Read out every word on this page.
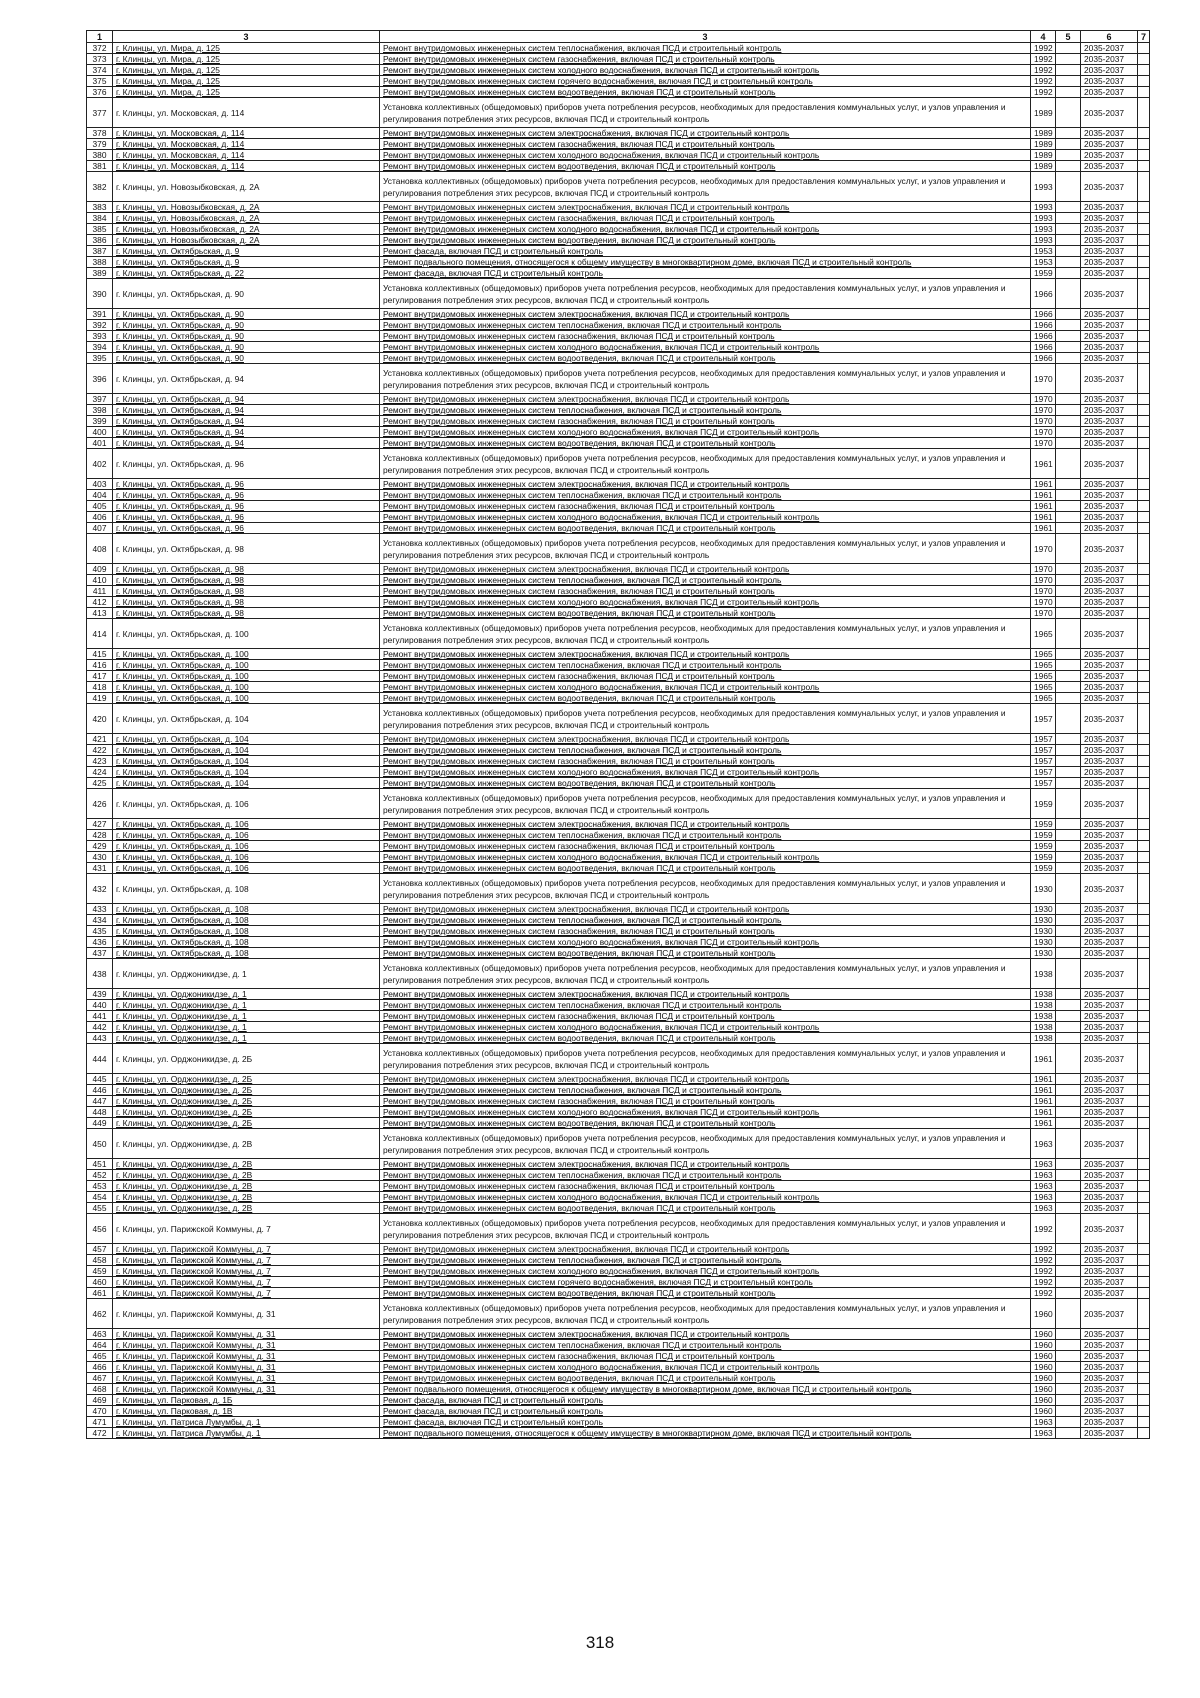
1	3	3	4	5	6	7
372	г. Клинцы, ул. Мира, д. 125	Ремонт внутридомовых инженерных систем теплоснабжения, включая ПСД и строительный контроль	1992		2035-2037	
373	г. Клинцы, ул. Мира, д. 125	Ремонт внутридомовых инженерных систем газоснабжения, включая ПСД и строительный контроль	1992		2035-2037	
374	г. Клинцы, ул. Мира, д. 125	Ремонт внутридомовых инженерных систем холодного водоснабжения, включая ПСД и строительный контроль	1992		2035-2037	
375	г. Клинцы, ул. Мира, д. 125	Ремонт внутридомовых инженерных систем горячего водоснабжения, включая ПСД и строительный контроль	1992		2035-2037	
376	г. Клинцы, ул. Мира, д. 125	Ремонт внутридомовых инженерных систем водоотведения, включая ПСД и строительный контроль	1992		2035-2037	
377	г. Клинцы, ул. Московская, д. 114	Установка коллективных (общедомовых) приборов учета потребления ресурсов, необходимых для предоставления коммунальных услуг, и узлов управления и регулирования потребления этих ресурсов, включая ПСД и строительный контроль	1989		2035-2037	
378	г. Клинцы, ул. Московская, д. 114	Ремонт внутридомовых инженерных систем электроснабжения, включая ПСД и строительный контроль	1989		2035-2037	
379	г. Клинцы, ул. Московская, д. 114	Ремонт внутридомовых инженерных систем газоснабжения, включая ПСД и строительный контроль	1989		2035-2037	
380	г. Клинцы, ул. Московская, д. 114	Ремонт внутридомовых инженерных систем холодного водоснабжения, включая ПСД и строительный контроль	1989		2035-2037	
381	г. Клинцы, ул. Московская, д. 114	Ремонт внутридомовых инженерных систем водоотведения, включая ПСД и строительный контроль	1989		2035-2037	
382	г. Клинцы, ул. Новозыбковская, д. 2А	Установка коллективных (общедомовых) приборов учета потребления ресурсов, необходимых для предоставления коммунальных услуг, и узлов управления и регулирования потребления этих ресурсов, включая ПСД и строительный контроль	1993		2035-2037	
383	г. Клинцы, ул. Новозыбковская, д. 2А	Ремонт внутридомовых инженерных систем электроснабжения, включая ПСД и строительный контроль	1993		2035-2037	
384	г. Клинцы, ул. Новозыбковская, д. 2А	Ремонт внутридомовых инженерных систем газоснабжения, включая ПСД и строительный контроль	1993		2035-2037	
385	г. Клинцы, ул. Новозыбковская, д. 2А	Ремонт внутридомовых инженерных систем холодного водоснабжения, включая ПСД и строительный контроль	1993		2035-2037	
386	г. Клинцы, ул. Новозыбковская, д. 2А	Ремонт внутридомовых инженерных систем водоотведения, включая ПСД и строительный контроль	1993		2035-2037	
387	г. Клинцы, ул. Октябрьская, д. 9	Ремонт фасада, включая ПСД и строительный контроль	1953		2035-2037	
388	г. Клинцы, ул. Октябрьская, д. 9	Ремонт подвального помещения, относящегося к общему имуществу в многоквартирном доме, включая ПСД и строительный контроль	1953		2035-2037	
389	г. Клинцы, ул. Октябрьская, д. 22	Ремонт фасада, включая ПСД и строительный контроль	1959		2035-2037	
390	г. Клинцы, ул. Октябрьская, д. 90	Установка коллективных (общедомовых) приборов учета потребления ресурсов, необходимых для предоставления коммунальных услуг, и узлов управления и регулирования потребления этих ресурсов, включая ПСД и строительный контроль	1966		2035-2037	
391	г. Клинцы, ул. Октябрьская, д. 90	Ремонт внутридомовых инженерных систем электроснабжения, включая ПСД и строительный контроль	1966		2035-2037	
392	г. Клинцы, ул. Октябрьская, д. 90	Ремонт внутридомовых инженерных систем теплоснабжения, включая ПСД и строительный контроль	1966		2035-2037	
393	г. Клинцы, ул. Октябрьская, д. 90	Ремонт внутридомовых инженерных систем газоснабжения, включая ПСД и строительный контроль	1966		2035-2037	
394	г. Клинцы, ул. Октябрьская, д. 90	Ремонт внутридомовых инженерных систем холодного водоснабжения, включая ПСД и строительный контроль	1966		2035-2037	
395	г. Клинцы, ул. Октябрьская, д. 90	Ремонт внутридомовых инженерных систем водоотведения, включая ПСД и строительный контроль	1966		2035-2037	
396	г. Клинцы, ул. Октябрьская, д. 94	Установка коллективных (общедомовых) приборов учета потребления ресурсов, необходимых для предоставления коммунальных услуг, и узлов управления и регулирования потребления этих ресурсов, включая ПСД и строительный контроль	1970		2035-2037	
397	г. Клинцы, ул. Октябрьская, д. 94	Ремонт внутридомовых инженерных систем электроснабжения, включая ПСД и строительный контроль	1970		2035-2037	
398	г. Клинцы, ул. Октябрьская, д. 94	Ремонт внутридомовых инженерных систем теплоснабжения, включая ПСД и строительный контроль	1970		2035-2037	
399	г. Клинцы, ул. Октябрьская, д. 94	Ремонт внутридомовых инженерных систем газоснабжения, включая ПСД и строительный контроль	1970		2035-2037	
400	г. Клинцы, ул. Октябрьская, д. 94	Ремонт внутридомовых инженерных систем холодного водоснабжения, включая ПСД и строительный контроль	1970		2035-2037	
401	г. Клинцы, ул. Октябрьская, д. 94	Ремонт внутридомовых инженерных систем водоотведения, включая ПСД и строительный контроль	1970		2035-2037	
402	г. Клинцы, ул. Октябрьская, д. 96	Установка коллективных (общедомовых) приборов учета потребления ресурсов, необходимых для предоставления коммунальных услуг, и узлов управления и регулирования потребления этих ресурсов, включая ПСД и строительный контроль	1961		2035-2037	
403	г. Клинцы, ул. Октябрьская, д. 96	Ремонт внутридомовых инженерных систем электроснабжения, включая ПСД и строительный контроль	1961		2035-2037	
404	г. Клинцы, ул. Октябрьская, д. 96	Ремонт внутридомовых инженерных систем теплоснабжения, включая ПСД и строительный контроль	1961		2035-2037	
405	г. Клинцы, ул. Октябрьская, д. 96	Ремонт внутридомовых инженерных систем газоснабжения, включая ПСД и строительный контроль	1961		2035-2037	
406	г. Клинцы, ул. Октябрьская, д. 96	Ремонт внутридомовых инженерных систем холодного водоснабжения, включая ПСД и строительный контроль	1961		2035-2037	
407	г. Клинцы, ул. Октябрьская, д. 96	Ремонт внутридомовых инженерных систем водоотведения, включая ПСД и строительный контроль	1961		2035-2037	
408	г. Клинцы, ул. Октябрьская, д. 98	Установка коллективных (общедомовых) приборов учета потребления ресурсов, необходимых для предоставления коммунальных услуг, и узлов управления и регулирования потребления этих ресурсов, включая ПСД и строительный контроль	1970		2035-2037	
409	г. Клинцы, ул. Октябрьская, д. 98	Ремонт внутридомовых инженерных систем электроснабжения, включая ПСД и строительный контроль	1970		2035-2037	
410	г. Клинцы, ул. Октябрьская, д. 98	Ремонт внутридомовых инженерных систем теплоснабжения, включая ПСД и строительный контроль	1970		2035-2037	
411	г. Клинцы, ул. Октябрьская, д. 98	Ремонт внутридомовых инженерных систем газоснабжения, включая ПСД и строительный контроль	1970		2035-2037	
412	г. Клинцы, ул. Октябрьская, д. 98	Ремонт внутридомовых инженерных систем холодного водоснабжения, включая ПСД и строительный контроль	1970		2035-2037	
413	г. Клинцы, ул. Октябрьская, д. 98	Ремонт внутридомовых инженерных систем водоотведения, включая ПСД и строительный контроль	1970		2035-2037	
414	г. Клинцы, ул. Октябрьская, д. 100	Установка коллективных (общедомовых) приборов учета потребления ресурсов, необходимых для предоставления коммунальных услуг, и узлов управления и регулирования потребления этих ресурсов, включая ПСД и строительный контроль	1965		2035-2037	
415	г. Клинцы, ул. Октябрьская, д. 100	Ремонт внутридомовых инженерных систем электроснабжения, включая ПСД и строительный контроль	1965		2035-2037	
416	г. Клинцы, ул. Октябрьская, д. 100	Ремонт внутридомовых инженерных систем теплоснабжения, включая ПСД и строительный контроль	1965		2035-2037	
417	г. Клинцы, ул. Октябрьская, д. 100	Ремонт внутридомовых инженерных систем газоснабжения, включая ПСД и строительный контроль	1965		2035-2037	
418	г. Клинцы, ул. Октябрьская, д. 100	Ремонт внутридомовых инженерных систем холодного водоснабжения, включая ПСД и строительный контроль	1965		2035-2037	
419	г. Клинцы, ул. Октябрьская, д. 100	Ремонт внутридомовых инженерных систем водоотведения, включая ПСД и строительный контроль	1965		2035-2037	
420	г. Клинцы, ул. Октябрьская, д. 104	Установка коллективных (общедомовых) приборов учета потребления ресурсов, необходимых для предоставления коммунальных услуг, и узлов управления и регулирования потребления этих ресурсов, включая ПСД и строительный контроль	1957		2035-2037	
421	г. Клинцы, ул. Октябрьская, д. 104	Ремонт внутридомовых инженерных систем электроснабжения, включая ПСД и строительный контроль	1957		2035-2037	
422	г. Клинцы, ул. Октябрьская, д. 104	Ремонт внутридомовых инженерных систем теплоснабжения, включая ПСД и строительный контроль	1957		2035-2037	
423	г. Клинцы, ул. Октябрьская, д. 104	Ремонт внутридомовых инженерных систем газоснабжения, включая ПСД и строительный контроль	1957		2035-2037	
424	г. Клинцы, ул. Октябрьская, д. 104	Ремонт внутридомовых инженерных систем холодного водоснабжения, включая ПСД и строительный контроль	1957		2035-2037	
425	г. Клинцы, ул. Октябрьская, д. 104	Ремонт внутридомовых инженерных систем водоотведения, включая ПСД и строительный контроль	1957		2035-2037	
426	г. Клинцы, ул. Октябрьская, д. 106	Установка коллективных (общедомовых) приборов учета потребления ресурсов, необходимых для предоставления коммунальных услуг, и узлов управления и регулирования потребления этих ресурсов, включая ПСД и строительный контроль	1959		2035-2037	
427	г. Клинцы, ул. Октябрьская, д. 106	Ремонт внутридомовых инженерных систем электроснабжения, включая ПСД и строительный контроль	1959		2035-2037	
428	г. Клинцы, ул. Октябрьская, д. 106	Ремонт внутридомовых инженерных систем теплоснабжения, включая ПСД и строительный контроль	1959		2035-2037	
429	г. Клинцы, ул. Октябрьская, д. 106	Ремонт внутридомовых инженерных систем газоснабжения, включая ПСД и строительный контроль	1959		2035-2037	
430	г. Клинцы, ул. Октябрьская, д. 106	Ремонт внутридомовых инженерных систем холодного водоснабжения, включая ПСД и строительный контроль	1959		2035-2037	
431	г. Клинцы, ул. Октябрьская, д. 106	Ремонт внутридомовых инженерных систем водоотведения, включая ПСД и строительный контроль	1959		2035-2037	
432	г. Клинцы, ул. Октябрьская, д. 108	Установка коллективных (общедомовых) приборов учета потребления ресурсов, необходимых для предоставления коммунальных услуг, и узлов управления и регулирования потребления этих ресурсов, включая ПСД и строительный контроль	1930		2035-2037	
433	г. Клинцы, ул. Октябрьская, д. 108	Ремонт внутридомовых инженерных систем электроснабжения, включая ПСД и строительный контроль	1930		2035-2037	
434	г. Клинцы, ул. Октябрьская, д. 108	Ремонт внутридомовых инженерных систем теплоснабжения, включая ПСД и строительный контроль	1930		2035-2037	
435	г. Клинцы, ул. Октябрьская, д. 108	Ремонт внутридомовых инженерных систем газоснабжения, включая ПСД и строительный контроль	1930		2035-2037	
436	г. Клинцы, ул. Октябрьская, д. 108	Ремонт внутридомовых инженерных систем холодного водоснабжения, включая ПСД и строительный контроль	1930		2035-2037	
437	г. Клинцы, ул. Октябрьская, д. 108	Ремонт внутридомовых инженерных систем водоотведения, включая ПСД и строительный контроль	1930		2035-2037	
438	г. Клинцы, ул. Орджоникидзе, д. 1	Установка коллективных (общедомовых) приборов учета потребления ресурсов, необходимых для предоставления коммунальных услуг, и узлов управления и регулирования потребления этих ресурсов, включая ПСД и строительный контроль	1938		2035-2037	
439	г. Клинцы, ул. Орджоникидзе, д. 1	Ремонт внутридомовых инженерных систем электроснабжения, включая ПСД и строительный контроль	1938		2035-2037	
440	г. Клинцы, ул. Орджоникидзе, д. 1	Ремонт внутридомовых инженерных систем теплоснабжения, включая ПСД и строительный контроль	1938		2035-2037	
441	г. Клинцы, ул. Орджоникидзе, д. 1	Ремонт внутридомовых инженерных систем газоснабжения, включая ПСД и строительный контроль	1938		2035-2037	
442	г. Клинцы, ул. Орджоникидзе, д. 1	Ремонт внутридомовых инженерных систем холодного водоснабжения, включая ПСД и строительный контроль	1938		2035-2037	
443	г. Клинцы, ул. Орджоникидзе, д. 1	Ремонт внутридомовых инженерных систем водоотведения, включая ПСД и строительный контроль	1938		2035-2037	
444	г. Клинцы, ул. Орджоникидзе, д. 2Б	Установка коллективных (общедомовых) приборов учета потребления ресурсов, необходимых для предоставления коммунальных услуг, и узлов управления и регулирования потребления этих ресурсов, включая ПСД и строительный контроль	1961		2035-2037	
445	г. Клинцы, ул. Орджоникидзе, д. 2Б	Ремонт внутридомовых инженерных систем электроснабжения, включая ПСД и строительный контроль	1961		2035-2037	
446	г. Клинцы, ул. Орджоникидзе, д. 2Б	Ремонт внутридомовых инженерных систем теплоснабжения, включая ПСД и строительный контроль	1961		2035-2037	
447	г. Клинцы, ул. Орджоникидзе, д. 2Б	Ремонт внутридомовых инженерных систем газоснабжения, включая ПСД и строительный контроль	1961		2035-2037	
448	г. Клинцы, ул. Орджоникидзе, д. 2Б	Ремонт внутридомовых инженерных систем холодного водоснабжения, включая ПСД и строительный контроль	1961		2035-2037	
449	г. Клинцы, ул. Орджоникидзе, д. 2Б	Ремонт внутридомовых инженерных систем водоотведения, включая ПСД и строительный контроль	1961		2035-2037	
450	г. Клинцы, ул. Орджоникидзе, д. 2В	Установка коллективных (общедомовых) приборов учета потребления ресурсов, необходимых для предоставления коммунальных услуг, и узлов управления и регулирования потребления этих ресурсов, включая ПСД и строительный контроль	1963		2035-2037	
451	г. Клинцы, ул. Орджоникидзе, д. 2В	Ремонт внутридомовых инженерных систем электроснабжения, включая ПСД и строительный контроль	1963		2035-2037	
452	г. Клинцы, ул. Орджоникидзе, д. 2В	Ремонт внутридомовых инженерных систем теплоснабжения, включая ПСД и строительный контроль	1963		2035-2037	
453	г. Клинцы, ул. Орджоникидзе, д. 2В	Ремонт внутридомовых инженерных систем газоснабжения, включая ПСД и строительный контроль	1963		2035-2037	
454	г. Клинцы, ул. Орджоникидзе, д. 2В	Ремонт внутридомовых инженерных систем холодного водоснабжения, включая ПСД и строительный контроль	1963		2035-2037	
455	г. Клинцы, ул. Орджоникидзе, д. 2В	Ремонт внутридомовых инженерных систем водоотведения, включая ПСД и строительный контроль	1963		2035-2037	
456	г. Клинцы, ул. Парижской Коммуны, д. 7	Установка коллективных (общедомовых) приборов учета потребления ресурсов, необходимых для предоставления коммунальных услуг, и узлов управления и регулирования потребления этих ресурсов, включая ПСД и строительный контроль	1992		2035-2037	
457	г. Клинцы, ул. Парижской Коммуны, д. 7	Ремонт внутридомовых инженерных систем электроснабжения, включая ПСД и строительный контроль	1992		2035-2037	
458	г. Клинцы, ул. Парижской Коммуны, д. 7	Ремонт внутридомовых инженерных систем теплоснабжения, включая ПСД и строительный контроль	1992		2035-2037	
459	г. Клинцы, ул. Парижской Коммуны, д. 7	Ремонт внутридомовых инженерных систем холодного водоснабжения, включая ПСД и строительный контроль	1992		2035-2037	
460	г. Клинцы, ул. Парижской Коммуны, д. 7	Ремонт внутридомовых инженерных систем горячего водоснабжения, включая ПСД и строительный контроль	1992		2035-2037	
461	г. Клинцы, ул. Парижской Коммуны, д. 7	Ремонт внутридомовых инженерных систем водоотведения, включая ПСД и строительный контроль	1992		2035-2037	
462	г. Клинцы, ул. Парижской Коммуны, д. 31	Установка коллективных (общедомовых) приборов учета потребления ресурсов, необходимых для предоставления коммунальных услуг, и узлов управления и регулирования потребления этих ресурсов, включая ПСД и строительный контроль	1960		2035-2037	
463	г. Клинцы, ул. Парижской Коммуны, д. 31	Ремонт внутридомовых инженерных систем электроснабжения, включая ПСД и строительный контроль	1960		2035-2037	
464	г. Клинцы, ул. Парижской Коммуны, д. 31	Ремонт внутридомовых инженерных систем теплоснабжения, включая ПСД и строительный контроль	1960		2035-2037	
465	г. Клинцы, ул. Парижской Коммуны, д. 31	Ремонт внутридомовых инженерных систем газоснабжения, включая ПСД и строительный контроль	1960		2035-2037	
466	г. Клинцы, ул. Парижской Коммуны, д. 31	Ремонт внутридомовых инженерных систем холодного водоснабжения, включая ПСД и строительный контроль	1960		2035-2037	
467	г. Клинцы, ул. Парижской Коммуны, д. 31	Ремонт внутридомовых инженерных систем водоотведения, включая ПСД и строительный контроль	1960		2035-2037	
468	г. Клинцы, ул. Парижской Коммуны, д. 31	Ремонт подвального помещения, относящегося к общему имуществу в многоквартирном доме, включая ПСД и строительный контроль	1960		2035-2037	
469	г. Клинцы, ул. Парковая, д. 1Б	Ремонт фасада, включая ПСД и строительный контроль	1960		2035-2037	
470	г. Клинцы, ул. Парковая, д. 1В	Ремонт фасада, включая ПСД и строительный контроль	1960		2035-2037	
471	г. Клинцы, ул. Патриса Лумумбы, д. 1	Ремонт фасада, включая ПСД и строительный контроль	1963		2035-2037	
472	г. Клинцы, ул. Патриса Лумумбы, д. 1	Ремонт подвального помещения, относящегося к общему имуществу в многоквартирном доме, включая ПСД и строительный контроль	1963		2035-2037	
318
